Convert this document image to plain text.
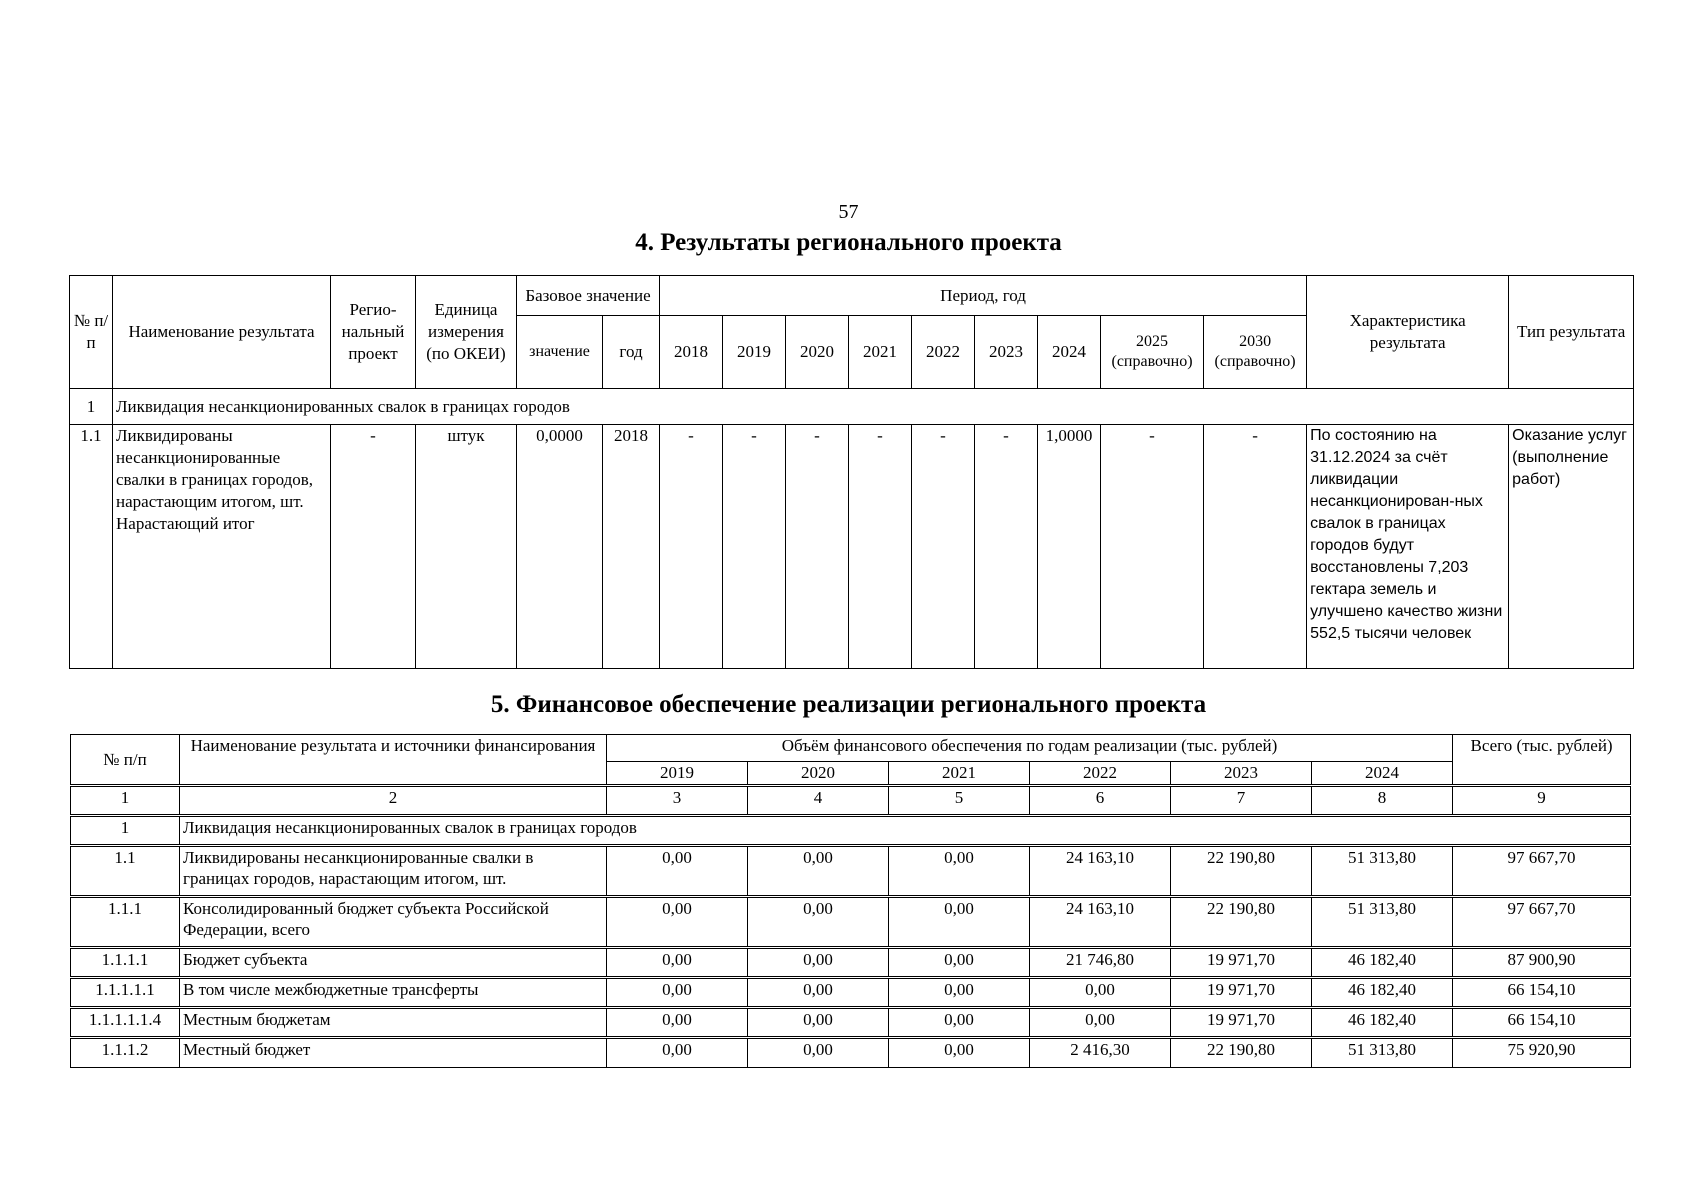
57
4. Результаты регионального проекта
№ п/п	Наименование результата	Регио-нальный проект	Единица измерения (по ОКЕИ)	Базовое значение		Период, год									Характеристика результата	Тип результата
				значение	год	2018	2019	2020	2021	2022	2023	2024	2025 (справочно)	2030 (справочно)		
1	Ликвидация несанкционированных свалок в границах городов															
1.1	Ликвидированы несанкционированные свалки в границах городов, нарастающим итогом, шт. Нарастающий итог	-	штук	0,0000	2018	-	-	-	-	-	-	1,0000	-	-	По состоянию на 31.12.2024 за счёт ликвидации несанкционирован-ных свалок в границах городов будут восстановлены 7,203 гектара земель и улучшено качество жизни 552,5 тысячи человек	Оказание услуг (выполнение работ)
5. Финансовое обеспечение реализации регионального проекта
№ п/п	Наименование результата и источники финансирования	Объём финансового обеспечения по годам реализации (тыс. рублей)						Всего (тыс. рублей)
		2019	2020	2021	2022	2023	2024	
1	2	3	4	5	6	7	8	9
1	Ликвидация несанкционированных свалок в границах городов							
1.1	Ликвидированы несанкционированные свалки в границах городов, нарастающим итогом, шт.	0,00	0,00	0,00	24 163,10	22 190,80	51 313,80	97 667,70
1.1.1	Консолидированный бюджет субъекта Российской Федерации, всего	0,00	0,00	0,00	24 163,10	22 190,80	51 313,80	97 667,70
1.1.1.1	Бюджет субъекта	0,00	0,00	0,00	21 746,80	19 971,70	46 182,40	87 900,90
1.1.1.1.1	В том числе межбюджетные трансферты	0,00	0,00	0,00	0,00	19 971,70	46 182,40	66 154,10
1.1.1.1.1.4	Местным бюджетам	0,00	0,00	0,00	0,00	19 971,70	46 182,40	66 154,10
1.1.1.2	Местный бюджет	0,00	0,00	0,00	2 416,30	22 190,80	51 313,80	75 920,90
